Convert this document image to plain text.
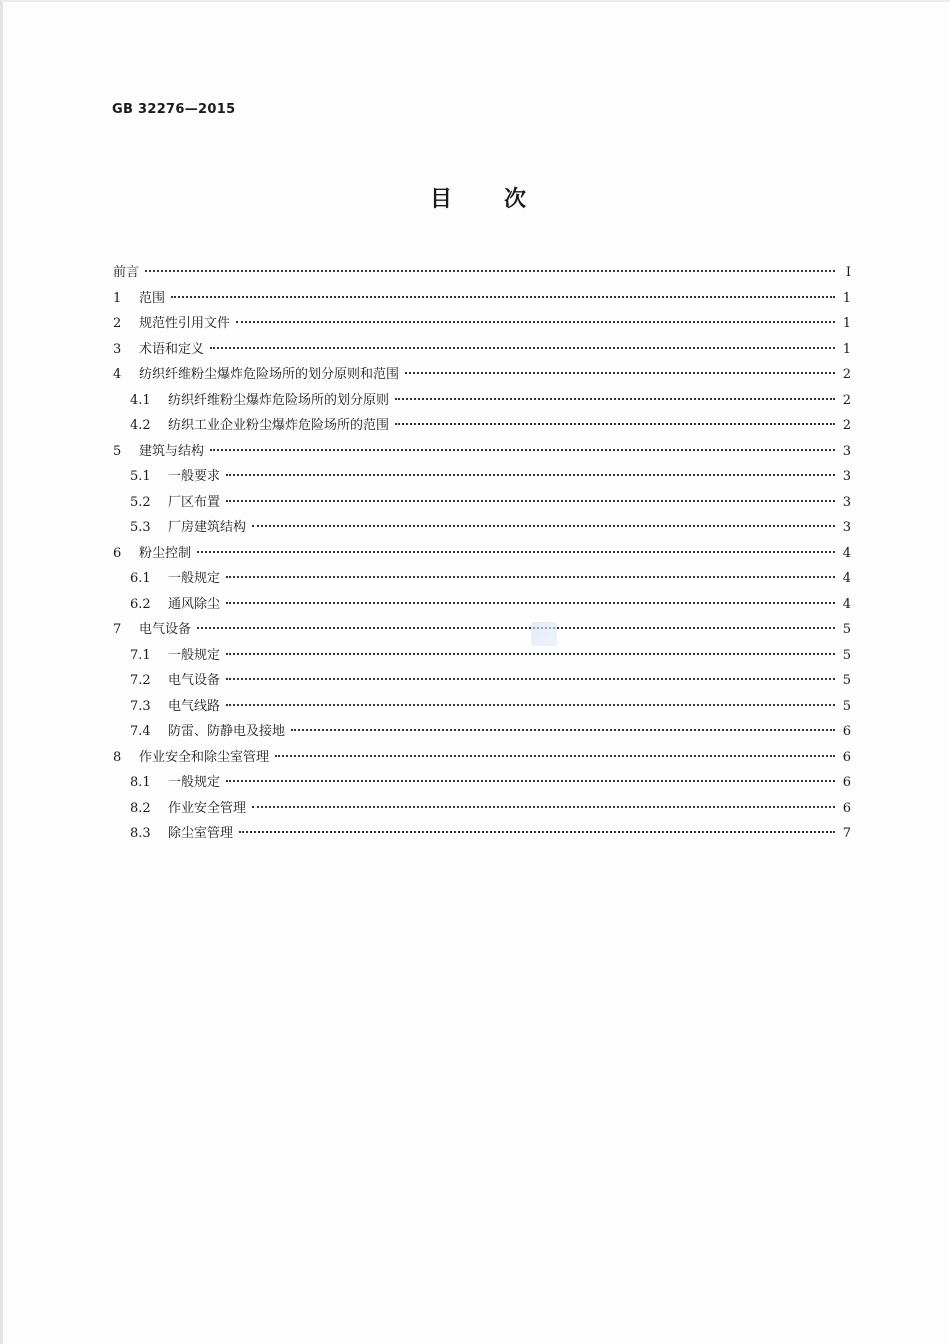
GB 32276—2015
目次
前言	Ⅰ
1	范围	1
2	规范性引用文件	1
3	术语和定义	1
4	纺织纤维粉尘爆炸危险场所的划分原则和范围	2
4.1	纺织纤维粉尘爆炸危险场所的划分原则	2
4.2	纺织工业企业粉尘爆炸危险场所的范围	2
5	建筑与结构	3
5.1	一般要求	3
5.2	厂区布置	3
5.3	厂房建筑结构	3
6	粉尘控制	4
6.1	一般规定	4
6.2	通风除尘	4
7	电气设备	5
7.1	一般规定	5
7.2	电气设备	5
7.3	电气线路	5
7.4	防雷、防静电及接地	6
8	作业安全和除尘室管理	6
8.1	一般规定	6
8.2	作业安全管理	6
8.3	除尘室管理	7
